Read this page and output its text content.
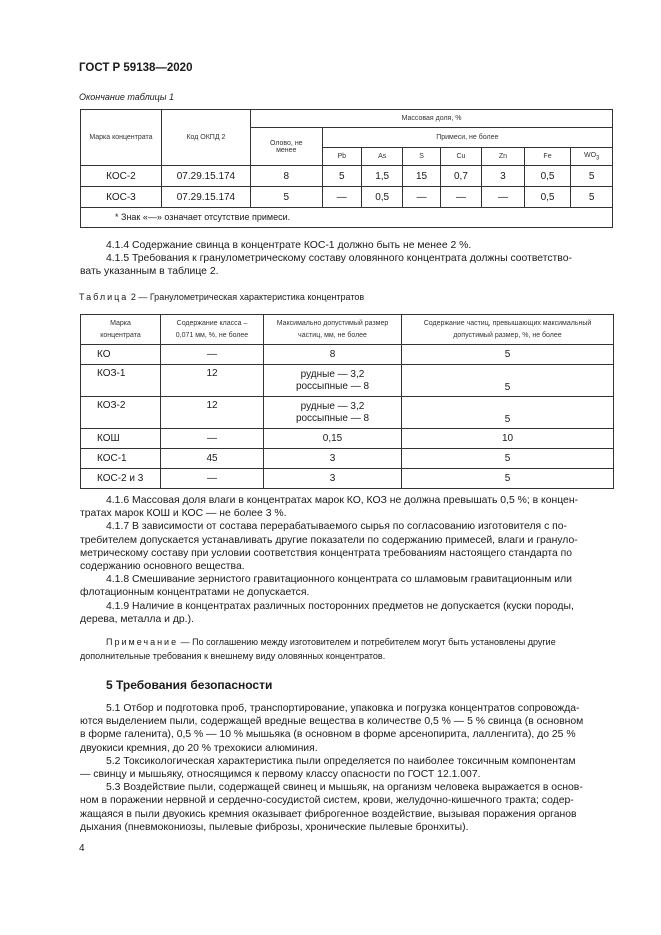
ГОСТ Р 59138—2020
Окончание таблицы 1
Марка концентрата	Код ОКПД 2	Массовая доля, %							
		Олово, не менее	Примеси, не более						
			Pb	As	S	Cu	Zn	Fe	$WO_3$
КОС-2	07.29.15.174	8	5	1,5	15	0,7	3	0,5	5
КОС-3	07.29.15.174	5	—	0,5	—	—	—	0,5	5
* Знак «—» означает отсутствие примеси.									
4.1.4 Содержание свинца в концентрате КОС-1 должно быть не менее 2 %.
4.1.5 Требования к гранулометрическому составу оловянного концентрата должны соответство-
вать указанным в таблице 2.
Таблица 2 — Гранулометрическая характеристика концентратов
Марка концентрата	Содержание класса – 0,071 мм, %, не более	Максимально допустимый размер частиц, мм, не более	Содержание частиц, превышающих максимальный допустимый размер, %, не более
КО	—	8	5
КОЗ-1	12	рудные — 3,2
россыпные — 8	5
КОЗ-2	12	рудные — 3,2
россыпные — 8	5
КОШ	—	0,15	10
КОС-1	45	3	5
КОС-2 и 3	—	3	5
4.1.6 Массовая доля влаги в концентратах марок КО, КОЗ не должна превышать 0,5 %; в концен-
тратах марок КОШ и КОС — не более 3 %.
4.1.7 В зависимости от состава перерабатываемого сырья по согласованию изготовителя с по-
требителем допускается устанавливать другие показатели по содержанию примесей, влаги и грануло-
метрическому составу при условии соответствия концентрата требованиям настоящего стандарта по
содержанию основного вещества.
4.1.8 Смешивание зернистого гравитационного концентрата со шламовым гравитационным или
флотационным концентратами не допускается.
4.1.9 Наличие в концентратах различных посторонних предметов не допускается (куски породы,
дерева, металла и др.).
Примечание — По соглашению между изготовителем и потребителем могут быть установлены другие
дополнительные требования к внешнему виду оловянных концентратов.
5 Требования безопасности
5.1 Отбор и подготовка проб, транспортирование, упаковка и погрузка концентратов сопровожда-
ются выделением пыли, содержащей вредные вещества в количестве 0,5 % — 5 % свинца (в основном
в форме галенита), 0,5 % — 10 % мышьяка (в основном в форме арсенопирита, лалленгита), до 25 %
двуокиси кремния, до 20 % трехокиси алюминия.
5.2 Токсикологическая характеристика пыли определяется по наиболее токсичным компонентам
— свинцу и мышьяку, относящимся к первому классу опасности по ГОСТ 12.1.007.
5.3 Воздействие пыли, содержащей свинец и мышьяк, на организм человека выражается в основ-
ном в поражении нервной и сердечно-сосудистой систем, крови, желудочно-кишечного тракта; содер-
жащаяся в пыли двуокись кремния оказывает фиброгенное воздействие, вызывая поражения органов
дыхания (пневмокониозы, пылевые фиброзы, хронические пылевые бронхиты).
4
